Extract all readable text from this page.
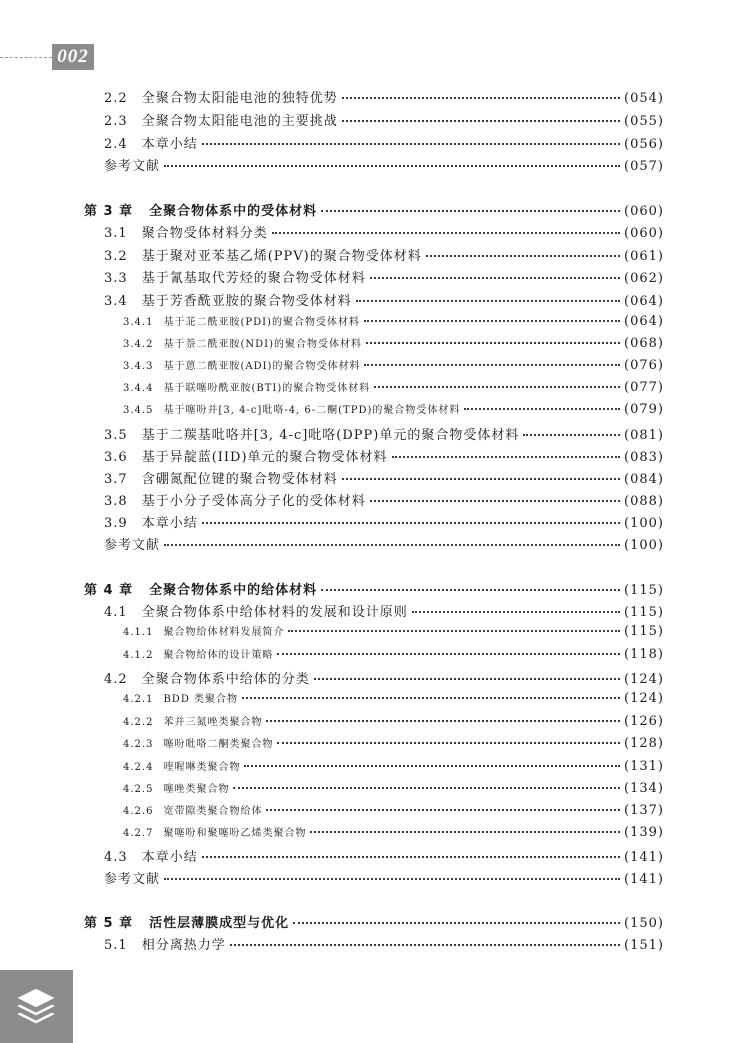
002
2.2 全聚合物太阳能电池的独特优势	(054)
2.3 全聚合物太阳能电池的主要挑战	(055)
2.4 本章小结	(056)
参考文献	(057)
第 3 章 全聚合物体系中的受体材料	(060)
3.1 聚合物受体材料分类	(060)
3.2 基于聚对亚苯基乙烯(PPV)的聚合物受体材料	(061)
3.3 基于氰基取代芳烃的聚合物受体材料	(062)
3.4 基于芳香酰亚胺的聚合物受体材料	(064)
3.4.1 基于苝二酰亚胺(PDI)的聚合物受体材料	(064)
3.4.2 基于萘二酰亚胺(NDI)的聚合物受体材料	(068)
3.4.3 基于蒽二酰亚胺(ADI)的聚合物受体材料	(076)
3.4.4 基于联噻吩酰亚胺(BTI)的聚合物受体材料	(077)
3.4.5 基于噻吩并[3, 4-c]吡咯-4, 6-二酮(TPD)的聚合物受体材料	(079)
3.5 基于二羰基吡咯并[3, 4-c]吡咯(DPP)单元的聚合物受体材料	(081)
3.6 基于异靛蓝(IID)单元的聚合物受体材料	(083)
3.7 含硼氮配位键的聚合物受体材料	(084)
3.8 基于小分子受体高分子化的受体材料	(088)
3.9 本章小结	(100)
参考文献	(100)
第 4 章 全聚合物体系中的给体材料	(115)
4.1 全聚合物体系中给体材料的发展和设计原则	(115)
4.1.1 聚合物给体材料发展简介	(115)
4.1.2 聚合物给体的设计策略	(118)
4.2 全聚合物体系中给体的分类	(124)
4.2.1 BDD 类聚合物	(124)
4.2.2 苯并三氮唑类聚合物	(126)
4.2.3 噻吩吡咯二酮类聚合物	(128)
4.2.4 喹喔啉类聚合物	(131)
4.2.5 噻唑类聚合物	(134)
4.2.6 宽带隙类聚合物给体	(137)
4.2.7 聚噻吩和聚噻吩乙烯类聚合物	(139)
4.3 本章小结	(141)
参考文献	(141)
第 5 章 活性层薄膜成型与优化	(150)
5.1 相分离热力学	(151)
